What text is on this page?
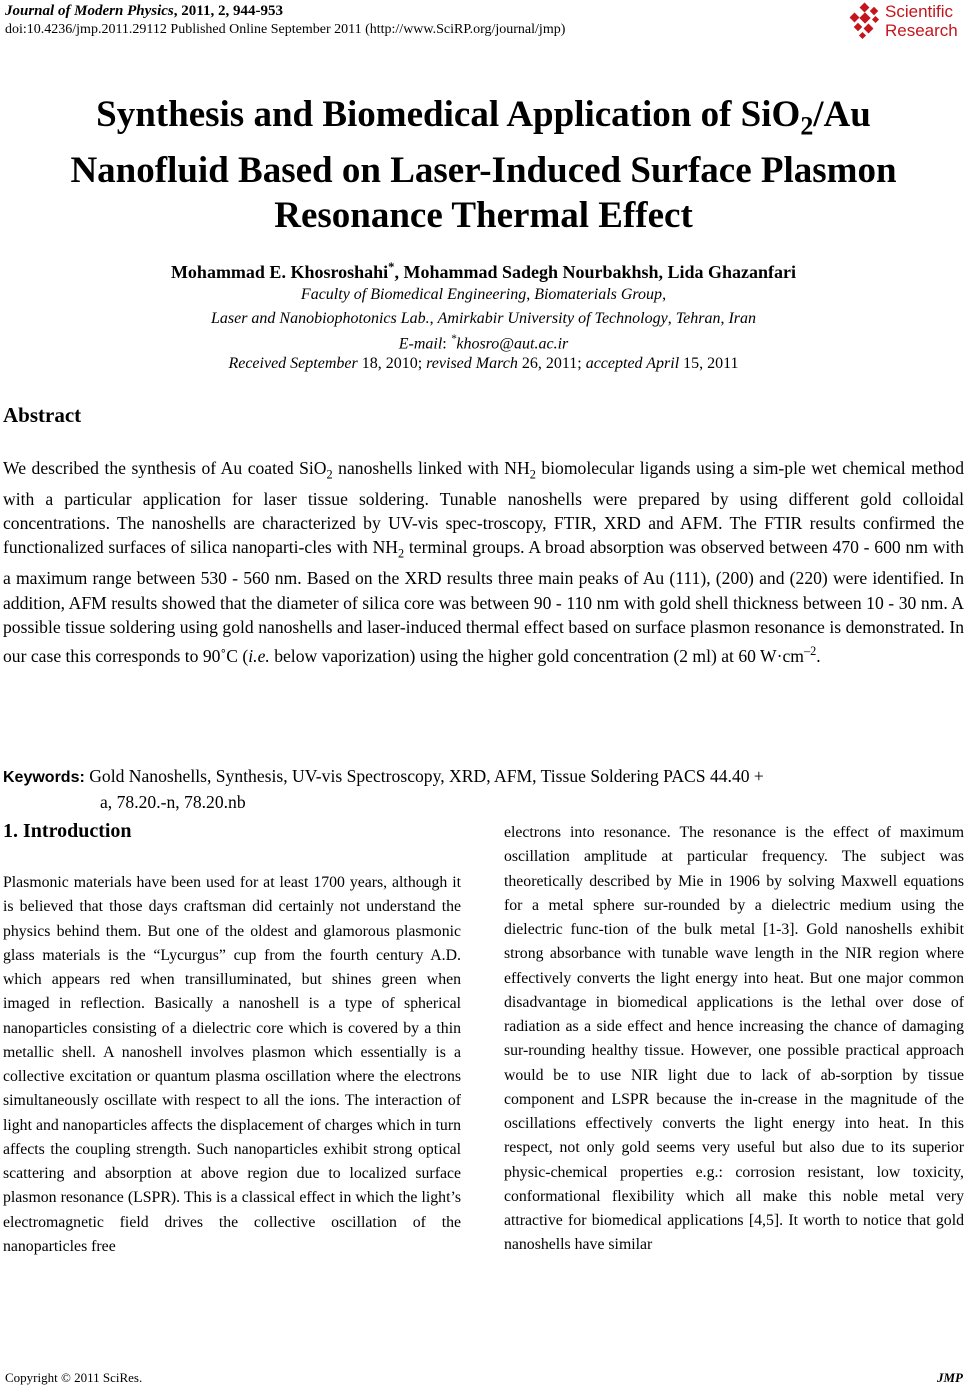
Journal of Modern Physics, 2011, 2, 944-953
doi:10.4236/jmp.2011.29112 Published Online September 2011 (http://www.SciRP.org/journal/jmp)
Scientific
Research
Synthesis and Biomedical Application of SiO$_2$/Au
Nanofluid Based on Laser-Induced Surface Plasmon
Resonance Thermal Effect
Mohammad E. Khosroshahi*, Mohammad Sadegh Nourbakhsh, Lida Ghazanfari
Faculty of Biomedical Engineering, Biomaterials Group,
Laser and Nanobiophotonics Lab., Amirkabir University of Technology, Tehran, Iran
E-mail: *khosro@aut.ac.ir
Received September 18, 2010; revised March 26, 2011; accepted April 15, 2011
Abstract
We described the synthesis of Au coated SiO$_2$ nanoshells linked with $NH_2$ biomolecular ligands using a sim-ple wet chemical method with a particular application for laser tissue soldering. Tunable nanoshells were prepared by using different gold colloidal concentrations. The nanoshells are characterized by UV-vis spec-troscopy, FTIR, XRD and AFM. The FTIR results confirmed the functionalized surfaces of silica nanoparti-cles with $NH_2$ terminal groups. A broad absorption was observed between 470 - 600 nm with a maximum range between 530 - 560 nm. Based on the XRD results three main peaks of Au (111), (200) and (220) were identified. In addition, AFM results showed that the diameter of silica core was between 90 - 110 nm with gold shell thickness between 10 - 30 nm. A possible tissue soldering using gold nanoshells and laser-induced thermal effect based on surface plasmon resonance is demonstrated. In our case this corresponds to 90˚C (i.e. below vaporization) using the higher gold concentration (2 ml) at 60 $W\cdot cm^{-2}$.
Keywords: Gold Nanoshells, Synthesis, UV-vis Spectroscopy, XRD, AFM, Tissue Soldering PACS 44.40 +
a, 78.20.-n, 78.20.nb
1. Introduction
Plasmonic materials have been used for at least 1700 years, although it is believed that those days craftsman did certainly not understand the physics behind them. But one of the oldest and glamorous plasmonic glass materials is the “Lycurgus” cup from the fourth century A.D. which appears red when transilluminated, but shines green when imaged in reflection. Basically a nanoshell is a type of spherical nanoparticles consisting of a dielectric core which is covered by a thin metallic shell. A nanoshell involves plasmon which essentially is a collective excitation or quantum plasma oscillation where the electrons simultaneously oscillate with respect to all the ions. The interaction of light and nanoparticles affects the displacement of charges which in turn affects the coupling strength. Such nanoparticles exhibit strong optical scattering and absorption at above region due to localized surface plasmon resonance (LSPR). This is a classical effect in which the light’s electromagnetic field drives the collective oscillation of the nanoparticles free
electrons into resonance. The resonance is the effect of maximum oscillation amplitude at particular frequency. The subject was theoretically described by Mie in 1906 by solving Maxwell equations for a metal sphere sur-rounded by a dielectric medium using the dielectric func-tion of the bulk metal [1-3]. Gold nanoshells exhibit strong absorbance with tunable wave length in the NIR region where effectively converts the light energy into heat. But one major common disadvantage in biomedical applications is the lethal over dose of radiation as a side effect and hence increasing the chance of damaging sur-rounding healthy tissue. However, one possible practical approach would be to use NIR light due to lack of ab-sorption by tissue component and LSPR because the in-crease in the magnitude of the oscillations effectively converts the light energy into heat. In this respect, not only gold seems very useful but also due to its superior physic-chemical properties e.g.: corrosion resistant, low toxicity, conformational flexibility which all make this noble metal very attractive for biomedical applications [4,5]. It worth to notice that gold nanoshells have similar
Copyright © 2011 SciRes.	JMP
